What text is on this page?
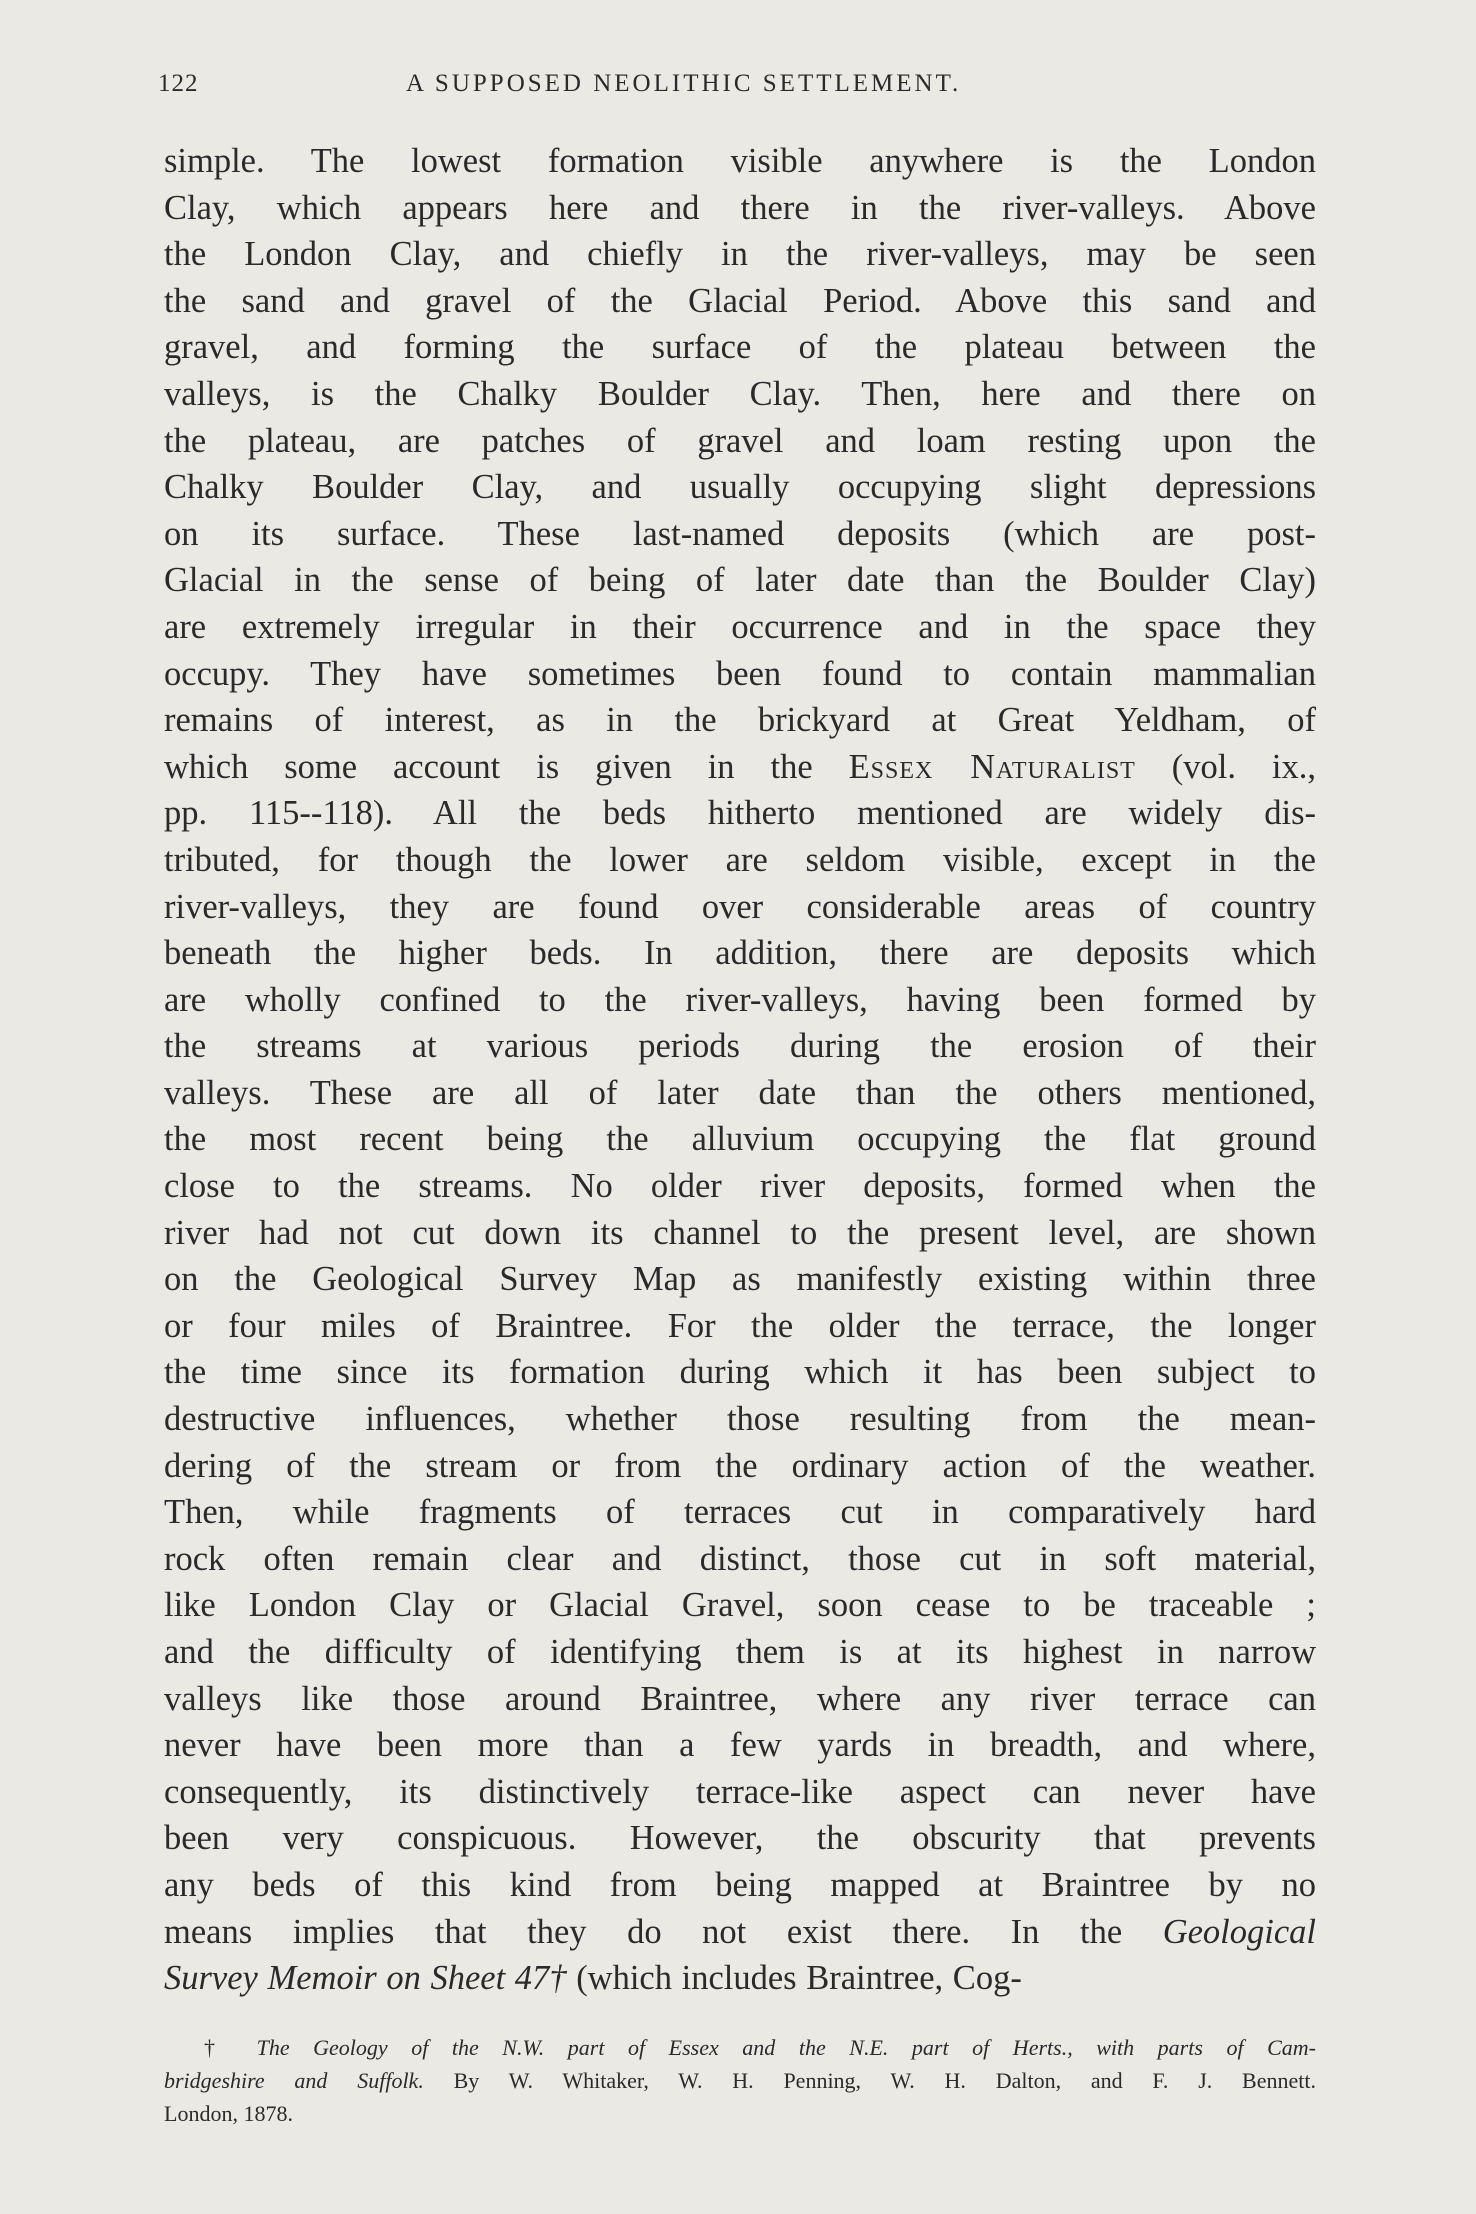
122	A SUPPOSED NEOLITHIC SETTLEMENT.
simple. The lowest formation visible anywhere is the London
Clay, which appears here and there in the river-valleys. Above
the London Clay, and chiefly in the river-valleys, may be seen
the sand and gravel of the Glacial Period. Above this sand and
gravel, and forming the surface of the plateau between the
valleys, is the Chalky Boulder Clay. Then, here and there on
the plateau, are patches of gravel and loam resting upon the
Chalky Boulder Clay, and usually occupying slight depressions
on its surface. These last-named deposits (which are post-
Glacial in the sense of being of later date than the Boulder Clay)
are extremely irregular in their occurrence and in the space they
occupy. They have sometimes been found to contain mammalian
remains of interest, as in the brickyard at Great Yeldham, of
which some account is given in the Essex Naturalist (vol. ix.,
pp. 115--118). All the beds hitherto mentioned are widely dis-
tributed, for though the lower are seldom visible, except in the
river-valleys, they are found over considerable areas of country
beneath the higher beds. In addition, there are deposits which
are wholly confined to the river-valleys, having been formed by
the streams at various periods during the erosion of their
valleys. These are all of later date than the others mentioned,
the most recent being the alluvium occupying the flat ground
close to the streams. No older river deposits, formed when the
river had not cut down its channel to the present level, are shown
on the Geological Survey Map as manifestly existing within three
or four miles of Braintree. For the older the terrace, the longer
the time since its formation during which it has been subject to
destructive influences, whether those resulting from the mean-
dering of the stream or from the ordinary action of the weather.
Then, while fragments of terraces cut in comparatively hard
rock often remain clear and distinct, those cut in soft material,
like London Clay or Glacial Gravel, soon cease to be traceable ;
and the difficulty of identifying them is at its highest in narrow
valleys like those around Braintree, where any river terrace can
never have been more than a few yards in breadth, and where,
consequently, its distinctively terrace-like aspect can never have
been very conspicuous. However, the obscurity that prevents
any beds of this kind from being mapped at Braintree by no
means implies that they do not exist there. In the Geological
Survey Memoir on Sheet 47† (which includes Braintree, Cog-
† The Geology of the N.W. part of Essex and the N.E. part of Herts., with parts of Cam-
bridgeshire and Suffolk. By W. Whitaker, W. H. Penning, W. H. Dalton, and F. J. Bennett.
London, 1878.
